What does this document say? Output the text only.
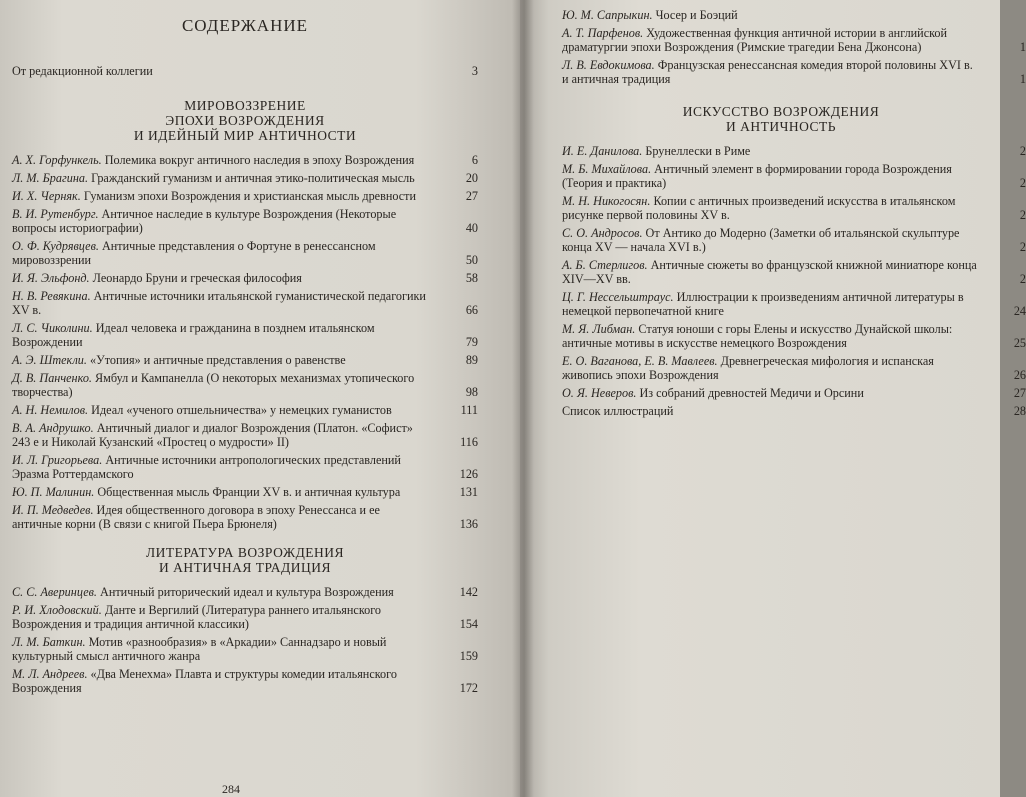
СОДЕРЖАНИЕ
От редакционной коллегии	3
МИРОВОЗЗРЕНИЕ
ЭПОХИ ВОЗРОЖДЕНИЯ
И ИДЕЙНЫЙ МИР АНТИЧНОСТИ
А. Х. Горфункель. Полемика вокруг античного наследия в эпоху Возрождения	6
Л. М. Брагина. Гражданский гуманизм и античная этико-политическая мысль	20
И. Х. Черняк. Гуманизм эпохи Возрождения и христианская мысль древности	27
В. И. Рутенбург. Античное наследие в культуре Возрождения (Некоторые вопросы историографии)	40
О. Ф. Кудрявцев. Античные представления о Фортуне в ренессансном мировоззрении	50
И. Я. Эльфонд. Леонардо Бруни и греческая философия	58
Н. В. Ревякина. Античные источники итальянской гуманистической педагогики XV в.	66
Л. С. Чиколини. Идеал человека и гражданина в позднем итальянском Возрождении	79
А. Э. Штекли. «Утопия» и античные представления о равенстве	89
Д. В. Панченко. Ямбул и Кампанелла (О некоторых механизмах утопического творчества)	98
А. Н. Немилов. Идеал «ученого отшельничества» у немецких гуманистов	111
В. А. Андрушко. Античный диалог и диалог Возрождения (Платон. «Софист» 243 е и Николай Кузанский «Простец о мудрости» II)	116
И. Л. Григорьева. Античные источники антропологических представлений Эразма Роттердамского	126
Ю. П. Малинин. Общественная мысль Франции XV в. и античная культура	131
И. П. Медведев. Идея общественного договора в эпоху Ренессанса и ее античные корни (В связи с книгой Пьера Брюнеля)	136
ЛИТЕРАТУРА ВОЗРОЖДЕНИЯ
И АНТИЧНАЯ ТРАДИЦИЯ
С. С. Аверинцев. Античный риторический идеал и культура Возрождения	142
Р. И. Хлодовский. Данте и Вергилий (Литература раннего итальянского Возрождения и традиция античной классики)	154
Л. М. Баткин. Мотив «разнообразия» в «Аркадии» Саннадзаро и новый культурный смысл античного жанра	159
М. Л. Андреев. «Два Менехма» Плавта и структуры комедии итальянского Возрождения	172
284
Ю. М. Сапрыкин. Чосер и Боэций
А. Т. Парфенов. Художественная функция античной истории в английской драматургии эпохи Возрождения (Римские трагедии Бена Джонсона)	1
Л. В. Евдокимова. Французская ренессансная комедия второй половины XVI в. и античная традиция	1
ИСКУССТВО ВОЗРОЖДЕНИЯ
И АНТИЧНОСТЬ
И. Е. Данилова. Брунеллески в Риме	2
М. Б. Михайлова. Античный элемент в формировании города Возрождения (Теория и практика)	2
М. Н. Никогосян. Копии с античных произведений искусства в итальянском рисунке первой половины XV в.	2
С. О. Андросов. От Антико до Модерно (Заметки об итальянской скульптуре конца XV — начала XVI в.)	2
А. Б. Стерлигов. Античные сюжеты во французской книжной миниатюре конца XIV—XV вв.	2
Ц. Г. Нессельштраус. Иллюстрации к произведениям античной литературы в немецкой первопечатной книге	24
М. Я. Либман. Статуя юноши с горы Елены и искусство Дунайской школы: античные мотивы в искусстве немецкого Возрождения	25
Е. О. Ваганова, Е. В. Мавлеев. Древнегреческая мифология и испанская живопись эпохи Возрождения	26
О. Я. Неверов. Из собраний древностей Медичи и Орсини	27
Список иллюстраций	28
